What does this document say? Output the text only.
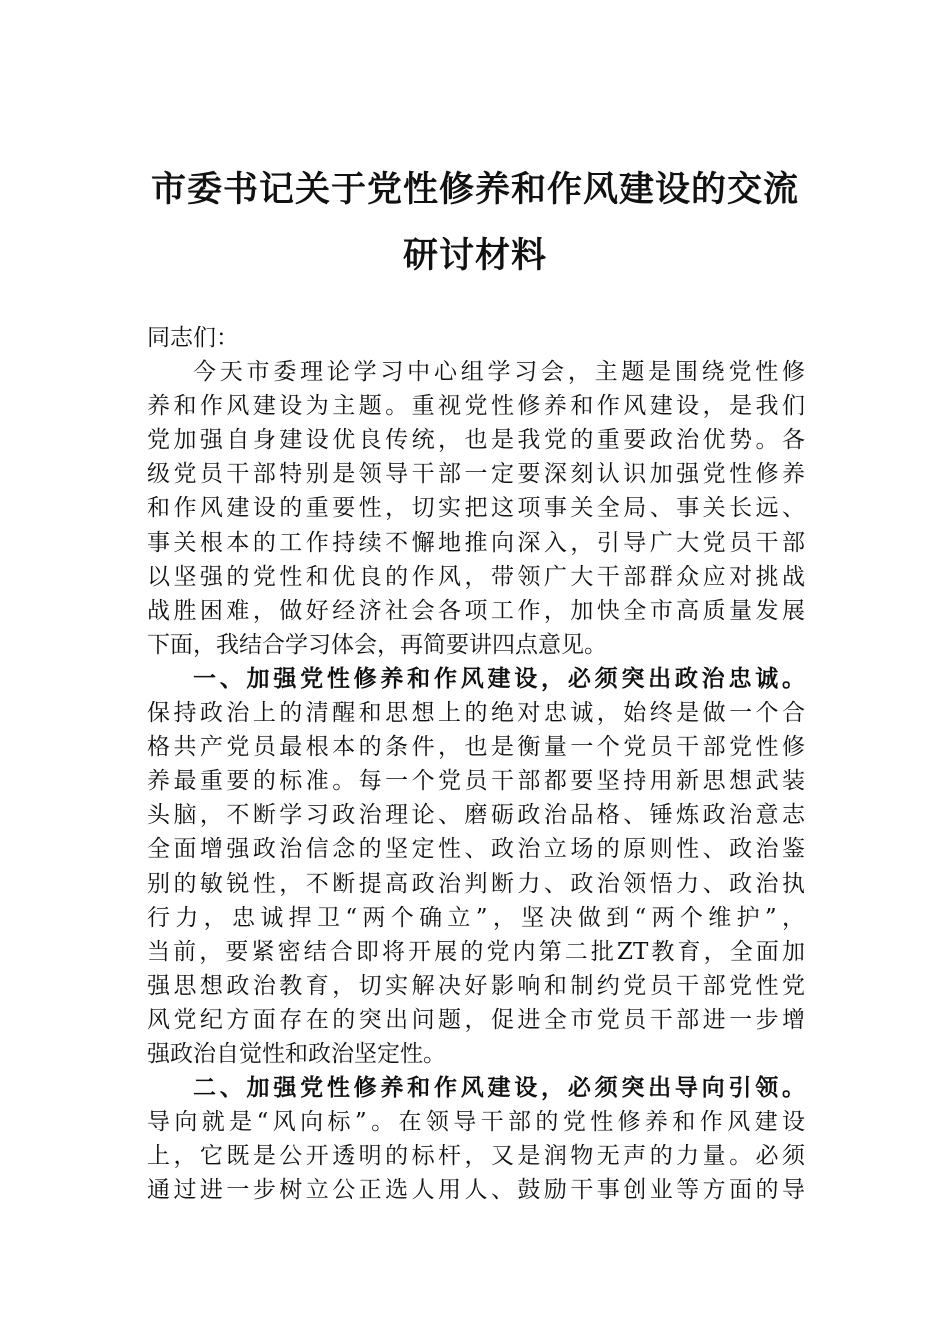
市委书记关于党性修养和作风建设的交流
研讨材料

同志们：

今天市委理论学习中心组学习会，主题是围绕党性修

养和作风建设为主题。重视党性修养和作风建设，是我们

党加强自身建设优良传统，也是我党的重要政治优势。各

级党员干部特别是领导干部一定要深刻认识加强党性修养

和作风建设的重要性，切实把这项事关全局、事关长远、

事关根本的工作持续不懈地推向深入，引导广大党员干部

以坚强的党性和优良的作风，带领广大干部群众应对挑战

战胜困难，做好经济社会各项工作，加快全市高质量发展

下面，我结合学习体会，再简要讲四点意见。

一、加强党性修养和作风建设，必须突出政治忠诚。

保持政治上的清醒和思想上的绝对忠诚，始终是做一个合

格共产党员最根本的条件，也是衡量一个党员干部党性修

养最重要的标准。每一个党员干部都要坚持用新思想武装

头脑，不断学习政治理论、磨砺政治品格、锤炼政治意志

全面增强政治信念的坚定性、政治立场的原则性、政治鉴

别的敏锐性，不断提高政治判断力、政治领悟力、政治执

行力，忠诚捍卫“两个确立”，坚决做到“两个维护”，

当前，要紧密结合即将开展的党内第二批ZT教育，全面加

强思想政治教育，切实解决好影响和制约党员干部党性党

风党纪方面存在的突出问题，促进全市党员干部进一步增

强政治自觉性和政治坚定性。

二、加强党性修养和作风建设，必须突出导向引领。

导向就是“风向标”。在领导干部的党性修养和作风建设

上，它既是公开透明的标杆，又是润物无声的力量。必须

通过进一步树立公正选人用人、鼓励干事创业等方面的导
